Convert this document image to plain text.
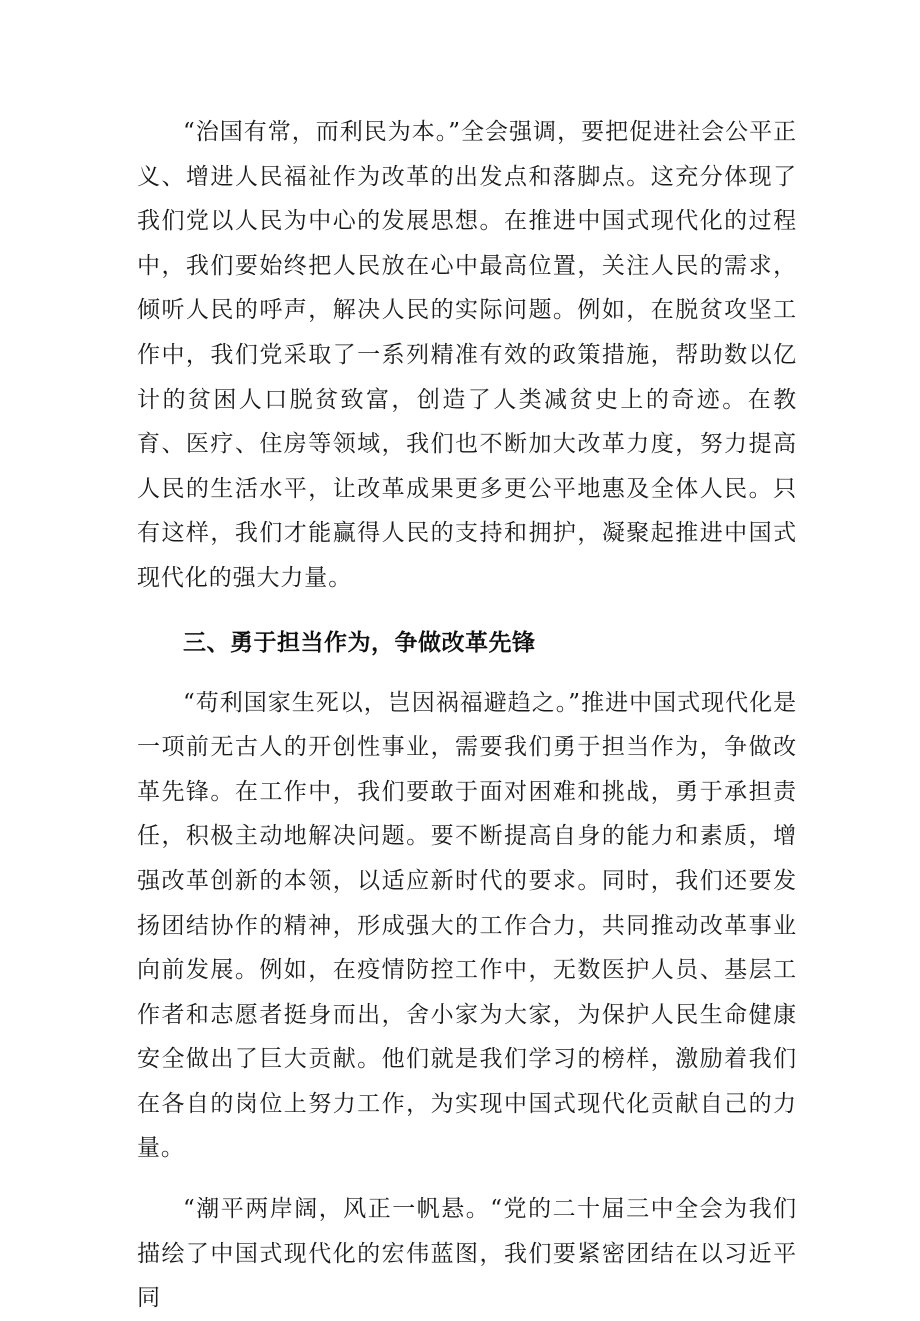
“治国有常，而利民为本。”全会强调，要把促进社会公平正义、增进人民福祉作为改革的出发点和落脚点。这充分体现了我们党以人民为中心的发展思想。在推进中国式现代化的过程中，我们要始终把人民放在心中最高位置，关注人民的需求，倾听人民的呼声，解决人民的实际问题。例如，在脱贫攻坚工作中，我们党采取了一系列精准有效的政策措施，帮助数以亿计的贫困人口脱贫致富，创造了人类减贫史上的奇迹。在教育、医疗、住房等领域，我们也不断加大改革力度，努力提高人民的生活水平，让改革成果更多更公平地惠及全体人民。只有这样，我们才能赢得人民的支持和拥护，凝聚起推进中国式现代化的强大力量。

三、勇于担当作为，争做改革先锋

“苟利国家生死以，岂因祸福避趋之。”推进中国式现代化是一项前无古人的开创性事业，需要我们勇于担当作为，争做改革先锋。在工作中，我们要敢于面对困难和挑战，勇于承担责任，积极主动地解决问题。要不断提高自身的能力和素质，增强改革创新的本领，以适应新时代的要求。同时，我们还要发扬团结协作的精神，形成强大的工作合力，共同推动改革事业向前发展。例如，在疫情防控工作中，无数医护人员、基层工作者和志愿者挺身而出，舍小家为大家，为保护人民生命健康安全做出了巨大贡献。他们就是我们学习的榜样，激励着我们在各自的岗位上努力工作，为实现中国式现代化贡献自己的力量。

“潮平两岸阔，风正一帆悬。“党的二十届三中全会为我们描绘了中国式现代化的宏伟蓝图，我们要紧密团结在以习近平同
